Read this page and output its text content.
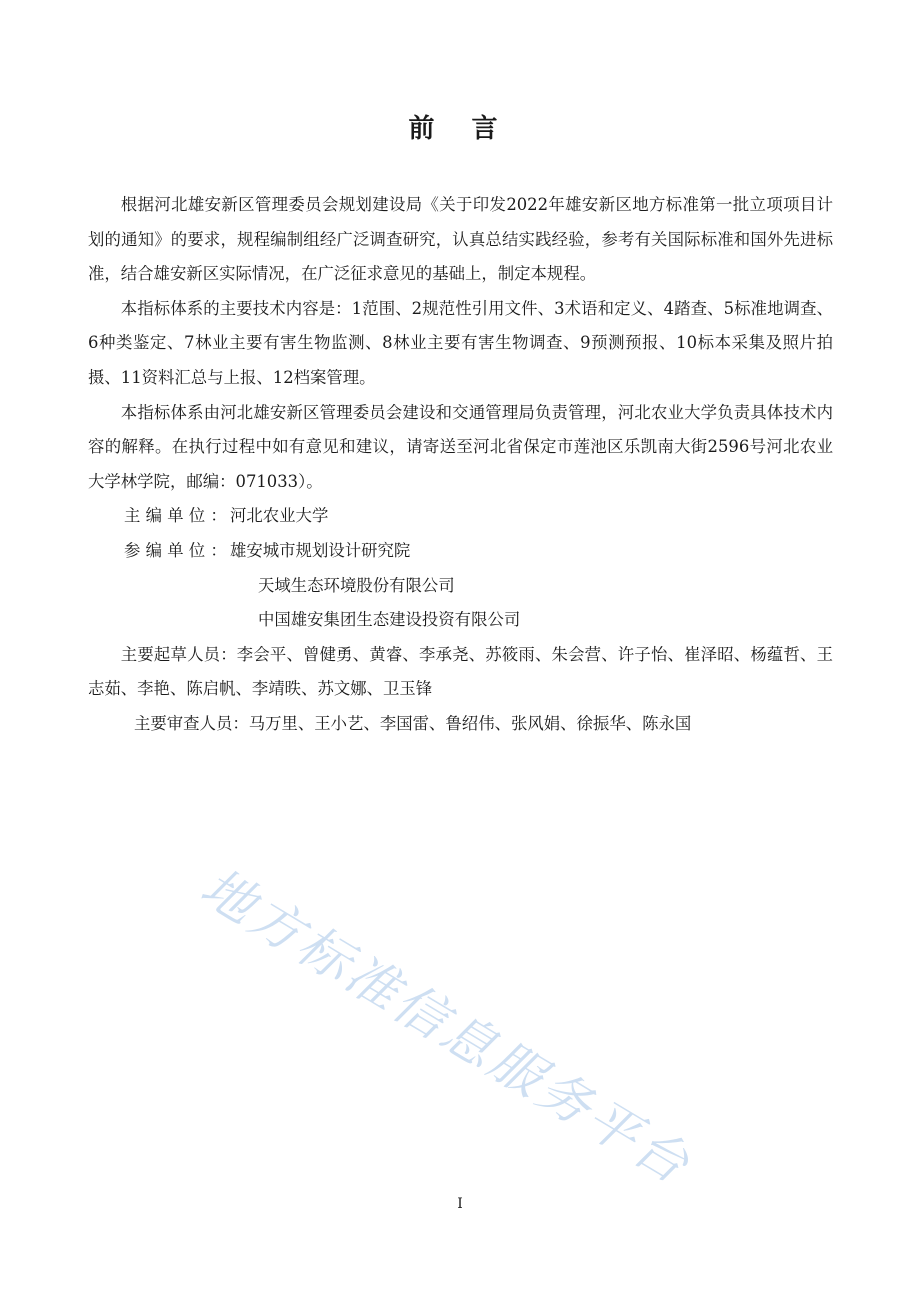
前 言

根据河北雄安新区管理委员会规划建设局《关于印发2022年雄安新区地方标准第一批立项项目计划的通知》的要求，规程编制组经广泛调查研究，认真总结实践经验，参考有关国际标准和国外先进标准，结合雄安新区实际情况，在广泛征求意见的基础上，制定本规程。

本指标体系的主要技术内容是：1范围、2规范性引用文件、3术语和定义、4踏查、5标准地调查、6种类鉴定、7林业主要有害生物监测、8林业主要有害生物调查、9预测预报、10标本采集及照片拍摄、11资料汇总与上报、12档案管理。

本指标体系由河北雄安新区管理委员会建设和交通管理局负责管理，河北农业大学负责具体技术内容的解释。在执行过程中如有意见和建议，请寄送至河北省保定市莲池区乐凯南大街2596号河北农业大学林学院，邮编：071033）。

主 编 单 位 ： 河北农业大学
参 编 单 位 ： 雄安城市规划设计研究院

天域生态环境股份有限公司

中国雄安集团生态建设投资有限公司

主要起草人员：李会平、曾健勇、黄睿、李承尧、苏筱雨、朱会营、许子怡、崔泽昭、杨蕴哲、王志茹、李艳、陈启帆、李靖昳、苏文娜、卫玉锋

主要审查人员：马万里、王小艺、李国雷、鲁绍伟、张风娟、徐振华、陈永国

地方标准信息服务平台
I
